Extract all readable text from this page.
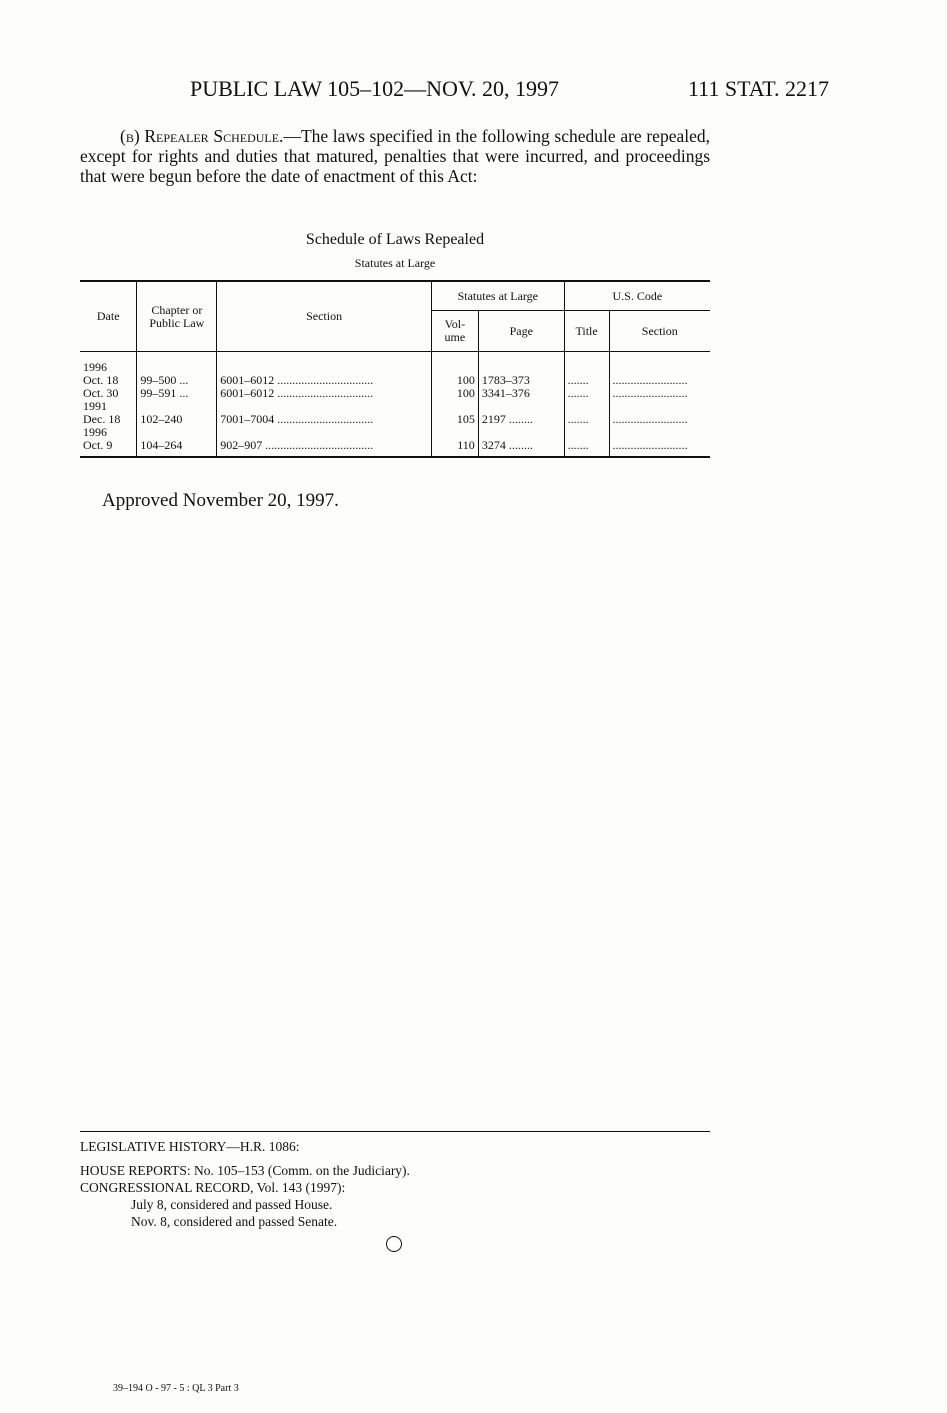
PUBLIC LAW 105–102—NOV. 20, 1997	111 STAT. 2217
(b) Repealer Schedule.—The laws specified in the following schedule are repealed, except for rights and duties that matured, penalties that were incurred, and proceedings that were begun before the date of enactment of this Act:
Schedule of Laws Repealed
Statutes at Large
Date	Chapter or Public Law	Section	Statutes at Large		U.S. Code	
			Vol- ume	Page	Title	Section
1996						
Oct. 18	99–500 ...	6001–6012 ................................	100	1783–373	.......	.........................
Oct. 30	99–591 ...	6001–6012 ................................	100	3341–376	.......	.........................
1991						
Dec. 18	102–240	7001–7004 ................................	105	2197 ........	.......	.........................
1996						
Oct. 9	104–264	902–907 ....................................	110	3274 ........	.......	.........................
Approved November 20, 1997.
LEGISLATIVE HISTORY—H.R. 1086:
HOUSE REPORTS: No. 105–153 (Comm. on the Judiciary).
CONGRESSIONAL RECORD, Vol. 143 (1997):
July 8, considered and passed House.
Nov. 8, considered and passed Senate.
39–194 O - 97 - 5 : QL 3 Part 3
